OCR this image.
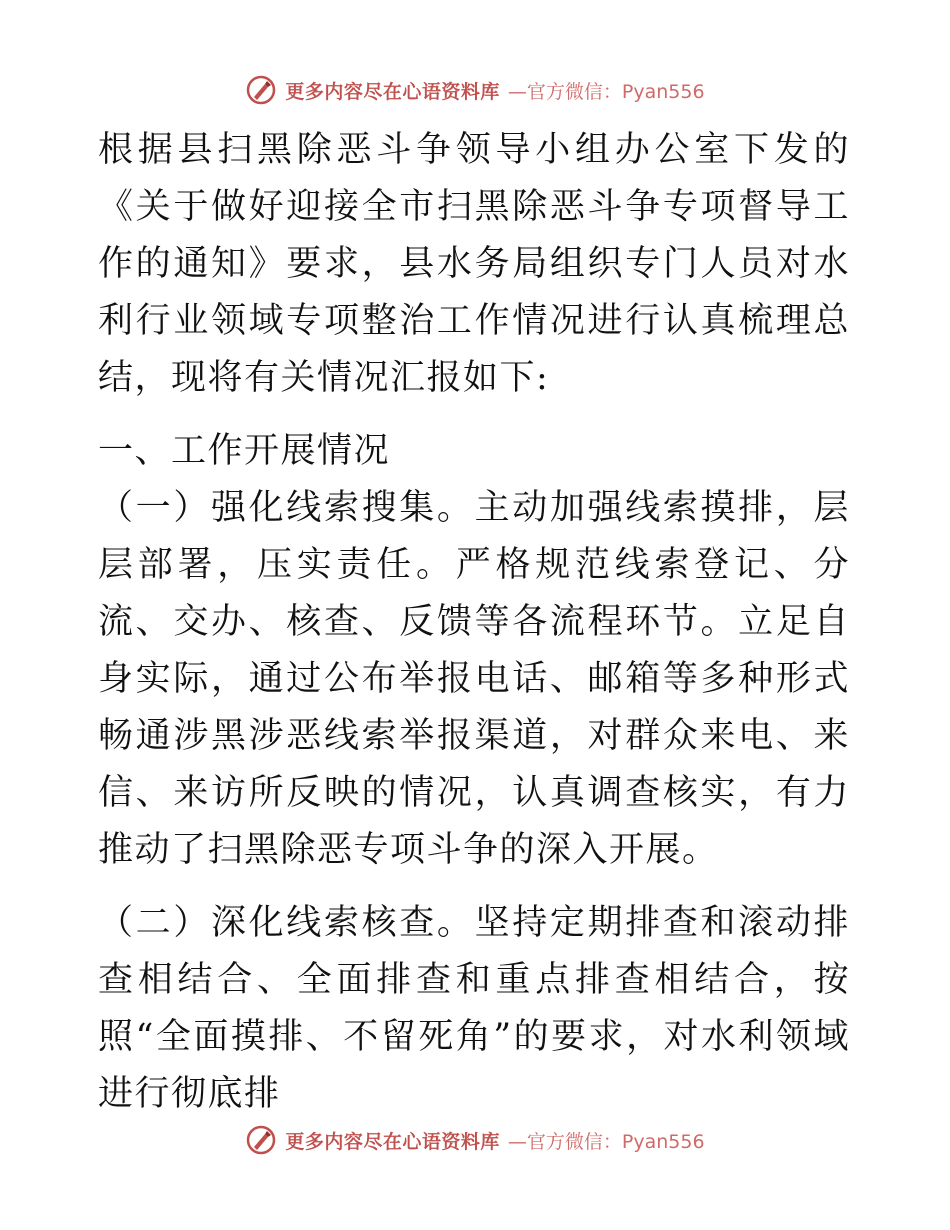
更多内容尽在心语资料库 —官方微信：Pyan556

根据县扫黑除恶斗争领导小组办公室下发的《关于做好迎接全市扫黑除恶斗争专项督导工作的通知》要求，县水务局组织专门人员对水利行业领域专项整治工作情况进行认真梳理总结，现将有关情况汇报如下:

一、工作开展情况

（一）强化线索搜集。主动加强线索摸排，层层部署，压实责任。严格规范线索登记、分流、交办、核查、反馈等各流程环节。立足自身实际，通过公布举报电话、邮箱等多种形式畅通涉黑涉恶线索举报渠道，对群众来电、来信、来访所反映的情况，认真调查核实，有力推动了扫黑除恶专项斗争的深入开展。

（二）深化线索核查。坚持定期排查和滚动排查相结合、全面排查和重点排查相结合，按照“全面摸排、不留死角”的要求，对水利领域进行彻底排

更多内容尽在心语资料库 —官方微信：Pyan556
